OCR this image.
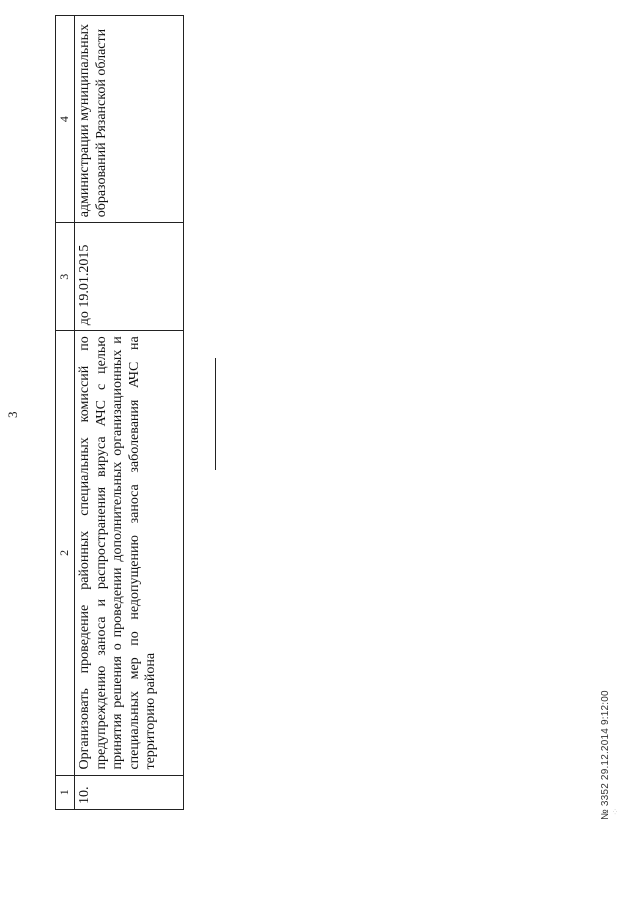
3
1	2	3	4
10.	Организовать проведение районных специальных комиссий по предупреждению заноса и распространения вируса АЧС с целью принятия решения о проведении дополнительных организационных и специальных мер по недопущению заноса заболевания АЧС на территорию района	до 19.01.2015	администрации муниципальных образований Рязанской области
№ 3352 29.12.2014 9:12:00 ·:·
